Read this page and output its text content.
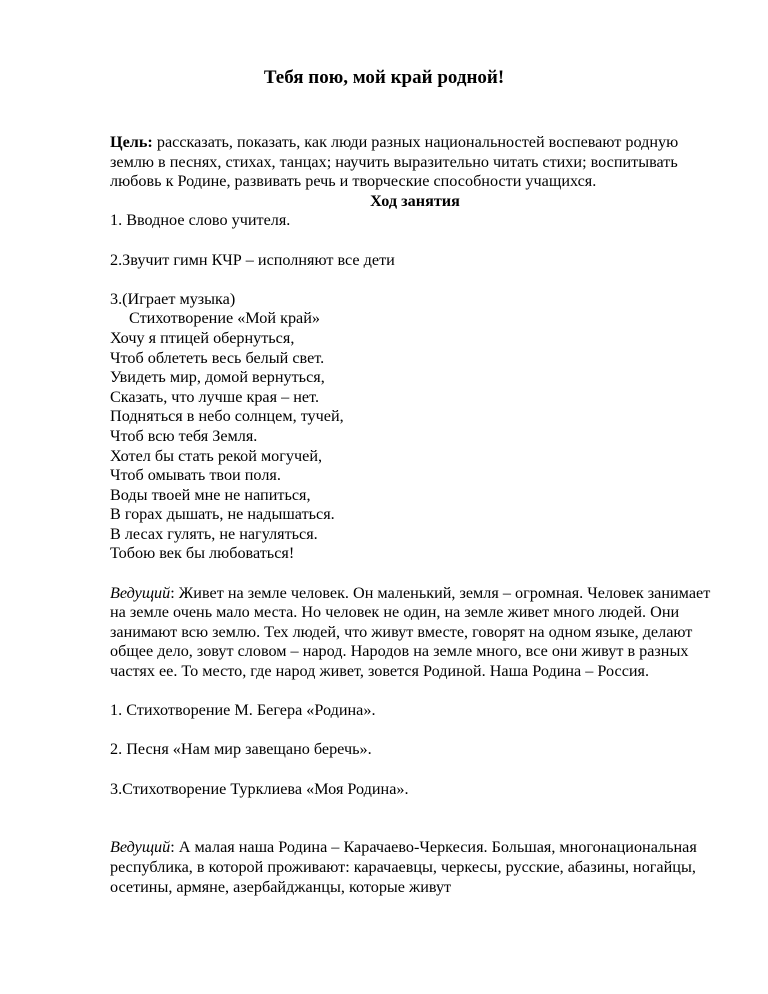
Тебя пою, мой край родной!

Цель: рассказать, показать, как люди разных национальностей воспевают родную землю в песнях, стихах, танцах; научить выразительно читать стихи; воспитывать любовь к Родине, развивать речь и творческие способности учащихся.

Ход занятия

1. Вводное слово учителя.

2.Звучит гимн КЧР – исполняют все дети

3.(Играет музыка)

Стихотворение «Мой край»

Хочу я птицей обернуться,

Чтоб облететь весь белый свет.

Увидеть мир, домой вернуться,

Сказать, что лучше края – нет.

Подняться в небо солнцем, тучей,

Чтоб всю тебя Земля.

Хотел бы стать рекой могучей,

Чтоб омывать твои поля.

Воды твоей мне не напиться,

В горах дышать, не надышаться.

В лесах гулять, не нагуляться.

Тобою век бы любоваться!

Ведущий: Живет на земле человек. Он маленький, земля – огромная. Человек занимает на земле очень мало места. Но человек не один, на земле живет много людей. Они занимают всю землю. Тех людей, что живут вместе, говорят на одном языке, делают общее дело, зовут словом – народ. Народов на земле много, все они живут в разных частях ее. То место, где народ живет, зовется Родиной. Наша Родина – Россия.

1. Стихотворение М. Бегера «Родина».

2. Песня «Нам мир завещано беречь».

3.Стихотворение Турклиева «Моя Родина».

Ведущий: А малая наша Родина – Карачаево-Черкесия. Большая, многонациональная республика, в которой проживают: карачаевцы, черкесы, русские, абазины, ногайцы, осетины, армяне, азербайджанцы, которые живут
